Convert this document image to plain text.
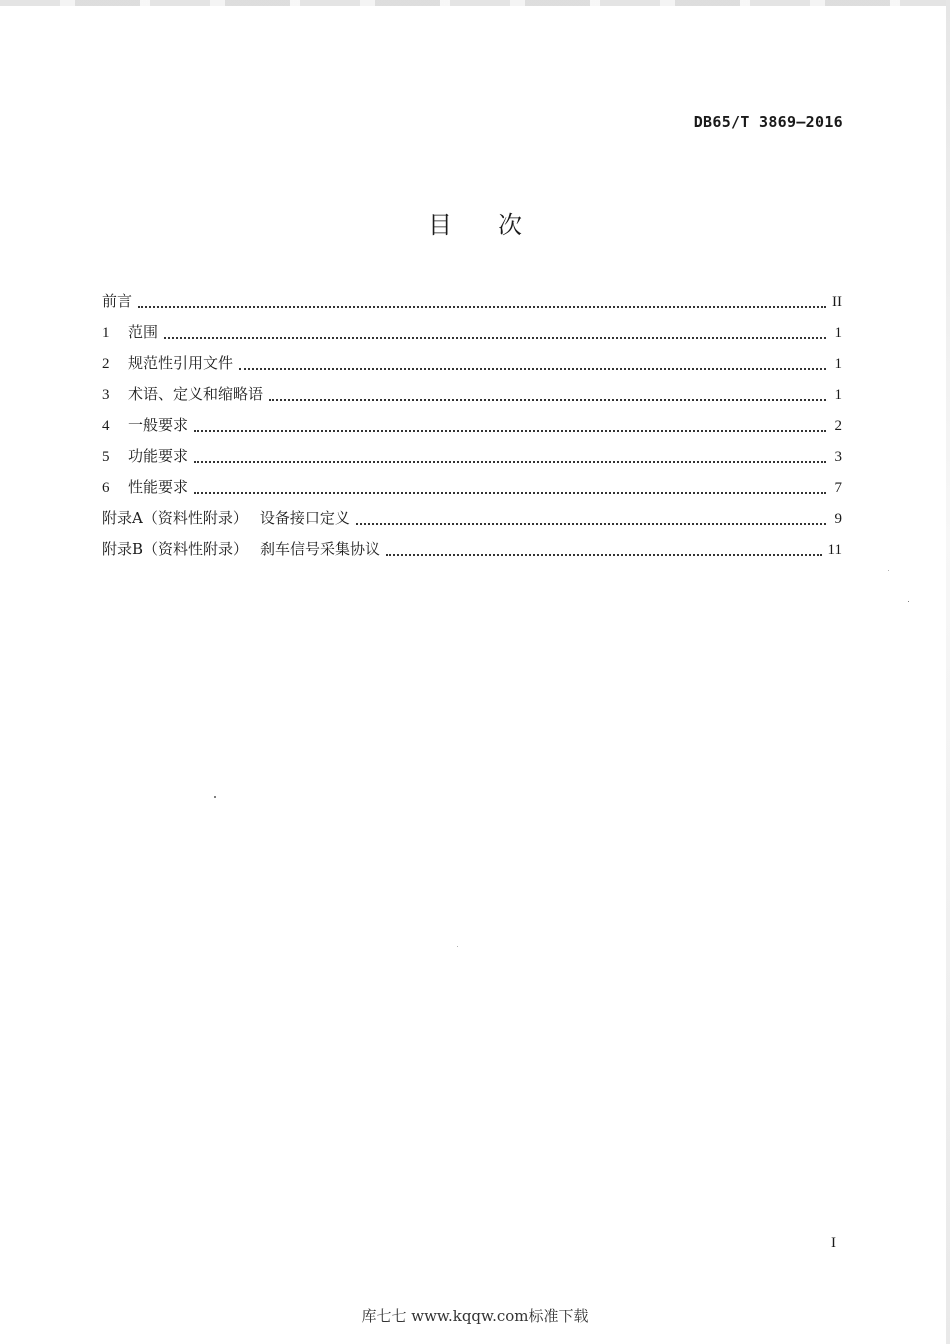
DB65/T 3869—2016
目次
前言	II
1	范围	1
2	规范性引用文件	1
3	术语、定义和缩略语	1
4	一般要求	2
5	功能要求	3
6	性能要求	7
附录A（资料性附录） 设备接口定义	9
附录B（资料性附录） 刹车信号采集协议	11
I
库七七 www.kqqw.com标准下载
